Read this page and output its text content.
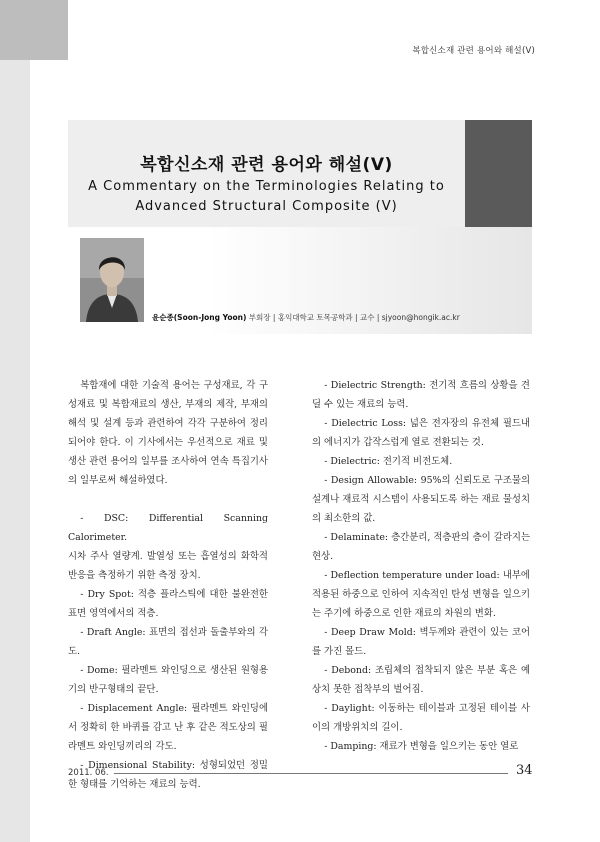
복합신소재 관련 용어와 해설(Ⅴ)
복합신소재 관련 용어와 해설(Ⅴ)
A Commentary on the Terminologies Relating to
Advanced Structural Composite (Ⅴ)
윤순종(Soon-Jong Yoon) 부회장 | 홍익대학교 토목공학과 | 교수 | sjyoon@hongik.ac.kr

복합재에 대한 기술적 용어는 구성재료, 각 구성재료 및 복합재료의 생산, 부재의 제작, 부재의 해석 및 설계 등과 관련하여 각각 구분하여 정리되어야 한다. 이 기사에서는 우선적으로 재료 및 생산 관련 용어의 일부를 조사하여 연속 특집기사의 일부로써 해설하였다.

- DSC: Differential Scanning Calorimeter.

시차 주사 열량계. 발열성 또는 흡열성의 화학적 반응을 측정하기 위한 측정 장치.

- Dry Spot: 적층 플라스틱에 대한 불완전한 표면 영역에서의 적층.

- Draft Angle: 표면의 접선과 돌출부와의 각도.

- Dome: 필라멘트 와인딩으로 생산된 원형용기의 반구형태의 끝단.

- Displacement Angle: 필라멘트 와인딩에서 정확히 한 바퀴를 감고 난 후 같은 적도상의 필라멘트 와인딩끼리의 각도.

- Dimensional Stability: 성형되었던 정밀한 형태를 기억하는 재료의 능력.

- Dielectric Strength: 전기적 흐름의 상황을 견딜 수 있는 재료의 능력.

- Dielectric Loss: 넓은 전자장의 유전체 필드내의 에너지가 갑작스럽게 열로 전환되는 것.

- Dielectric: 전기적 비전도체.

- Design Allowable: 95%의 신뢰도로 구조물의 설계나 재료적 시스템이 사용되도록 하는 재료 물성치의 최소한의 값.

- Delaminate: 층간분리, 적층판의 층이 갈라지는 현상.

- Deflection temperature under load: 내부에 적용된 하중으로 인하여 지속적인 탄성 변형을 일으키는 주기에 하중으로 인한 재료의 차원의 변화.

- Deep Draw Mold: 벽두께와 관련이 있는 코어를 가진 몰드.

- Debond: 조립체의 접착되지 않은 부분 혹은 예상치 못한 접착부의 벌어짐.

- Daylight: 이동하는 테이블과 고정된 테이블 사이의 개방위치의 길이.

- Damping: 재료가 변형을 일으키는 동안 열로

2011. 06.	34
